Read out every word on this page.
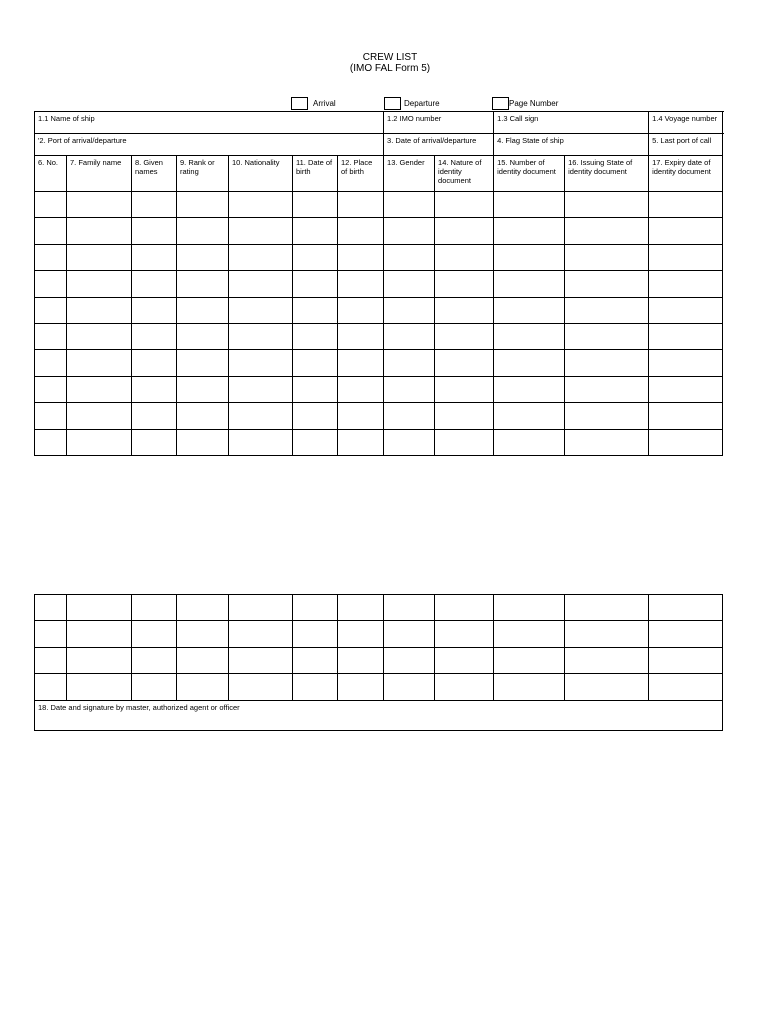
CREW LIST
(IMO FAL Form 5)
Arrival	Departure	Page Number
1.1 Name of ship							1.2 IMO number		1.3 Call sign		1.4 Voyage number
'2. Port of arrival/departure							3. Date of arrival/departure		4. Flag State of ship		5. Last port of call
6. No.	7. Family name	8. Given names	9. Rank or rating	10. Nationality	11. Date of birth	12. Place of birth	13. Gender	14. Nature of identity document	15. Number of identity document	16. Issuing State of identity document	17. Expiry date of identity document

18. Date and signature by master, authorized agent or officer											
